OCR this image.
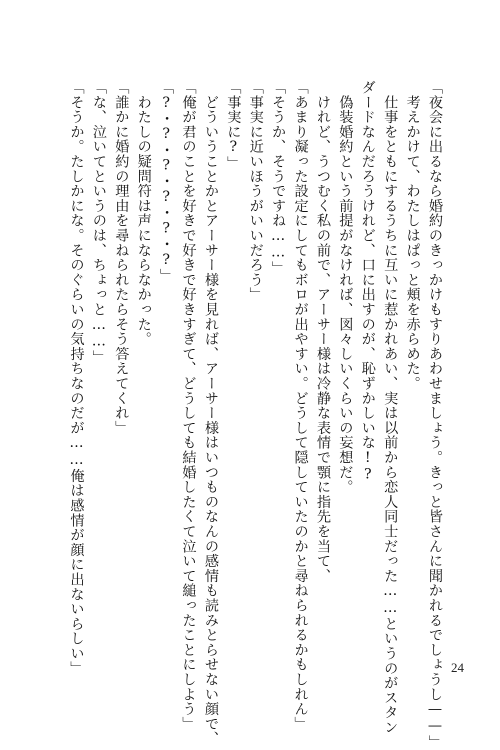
「夜会に出るなら婚約のきっかけもすりあわせましょう。きっと皆さんに聞かれるでしょうし——」
　考えかけて、わたしはぱっと頬を赤らめた。
　仕事をともにするうちに互いに惹かれあい、実は以前から恋人同士だった……というのがスタン
ダードなんだろうけれど、口に出すのが、恥ずかしいな!?
　偽装婚約という前提がなければ、図々しいくらいの妄想だ。
　けれど、うつむく私の前で、アーサー様は冷静な表情で顎に指先を当て、
「あまり凝った設定にしてもボロが出やすい。どうして隠していたのかと尋ねられるかもしれん」
「そうか、そうですね……」
「事実に近いほうがいいだろう」
「事実に?」
　どういうことかとアーサー様を見れば、アーサー様はいつものなんの感情も読みとらせない顔で、
「俺が君のことを好きで好きで好きすぎて、どうしても結婚したくて泣いて縋ったことにしよう」
「?・?・?・?・?・?」
　わたしの疑問符は声にならなかった。
「誰かに婚約の理由を尋ねられたらそう答えてくれ」
「な、泣いてというのは、ちょっと……」
「そうか。たしかにな。そのぐらいの気持ちなのだが……俺は感情が顔に出ないらしい」	24
